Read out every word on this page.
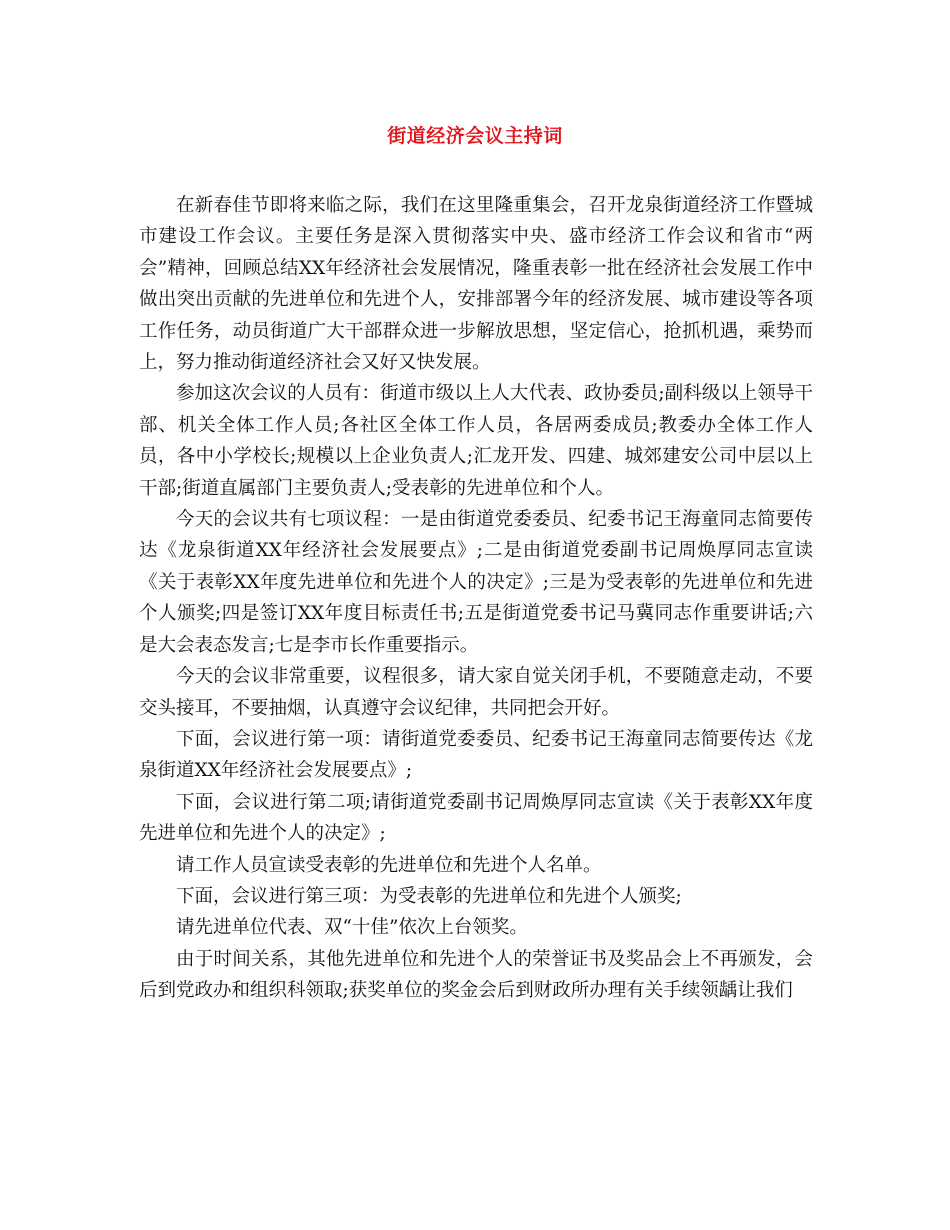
街道经济会议主持词

在新春佳节即将来临之际，我们在这里隆重集会，召开龙泉街道经济工作暨城市建设工作会议。主要任务是深入贯彻落实中央、盛市经济工作会议和省市“两会”精神，回顾总结XX年经济社会发展情况，隆重表彰一批在经济社会发展工作中做出突出贡献的先进单位和先进个人，安排部署今年的经济发展、城市建设等各项工作任务，动员街道广大干部群众进一步解放思想，坚定信心，抢抓机遇，乘势而上，努力推动街道经济社会又好又快发展。

参加这次会议的人员有：街道市级以上人大代表、政协委员;副科级以上领导干部、机关全体工作人员;各社区全体工作人员，各居两委成员;教委办全体工作人员，各中小学校长;规模以上企业负责人;汇龙开发、四建、城郊建安公司中层以上干部;街道直属部门主要负责人;受表彰的先进单位和个人。

今天的会议共有七项议程：一是由街道党委委员、纪委书记王海童同志简要传达《龙泉街道XX年经济社会发展要点》;二是由街道党委副书记周焕厚同志宣读《关于表彰XX年度先进单位和先进个人的决定》;三是为受表彰的先进单位和先进个人颁奖;四是签订XX年度目标责任书;五是街道党委书记马冀同志作重要讲话;六是大会表态发言;七是李市长作重要指示。

今天的会议非常重要，议程很多，请大家自觉关闭手机，不要随意走动，不要交头接耳，不要抽烟，认真遵守会议纪律，共同把会开好。

下面，会议进行第一项：请街道党委委员、纪委书记王海童同志简要传达《龙泉街道XX年经济社会发展要点》;

下面，会议进行第二项;请街道党委副书记周焕厚同志宣读《关于表彰XX年度先进单位和先进个人的决定》;

请工作人员宣读受表彰的先进单位和先进个人名单。

下面，会议进行第三项：为受表彰的先进单位和先进个人颁奖;

请先进单位代表、双“十佳”依次上台领奖。

由于时间关系，其他先进单位和先进个人的荣誉证书及奖品会上不再颁发，会后到党政办和组织科领取;获奖单位的奖金会后到财政所办理有关手续领龋让我们
